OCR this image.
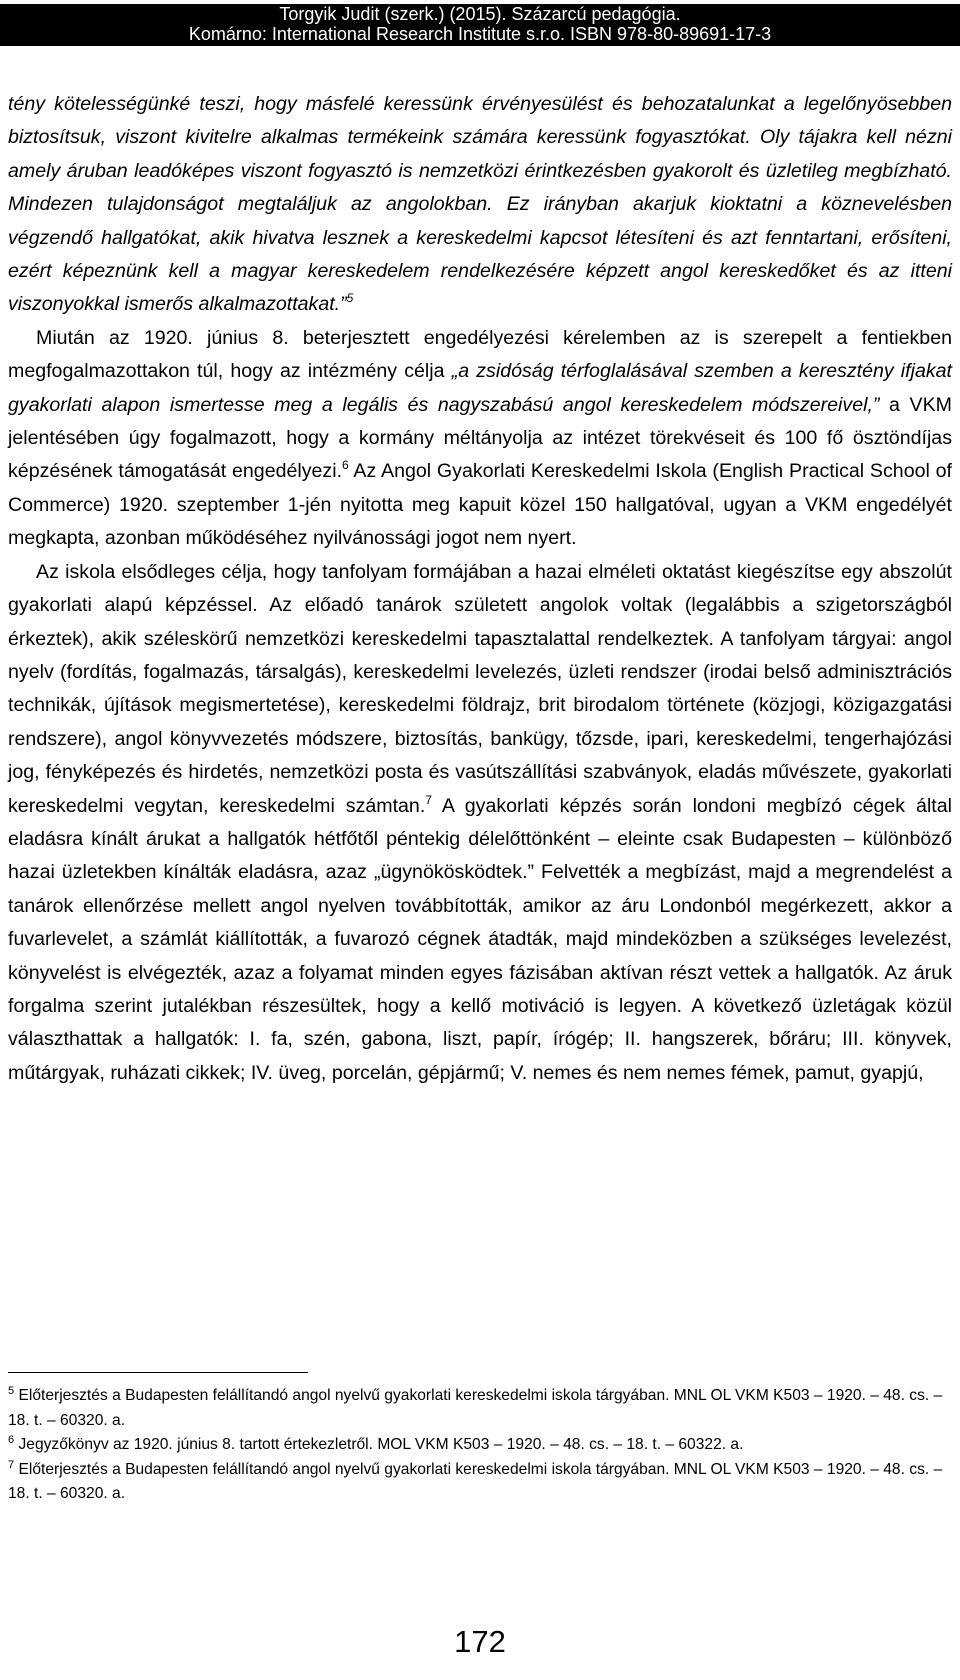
Torgyik Judit (szerk.) (2015). Százarcú pedagógia.
Komárno: International Research Institute s.r.o. ISBN 978-80-89691-17-3

tény kötelességünké teszi, hogy másfelé keressünk érvényesülést és behozatalunkat a legelőnyösebben biztosítsuk, viszont kivitelre alkalmas termékeink számára keressünk fogyasztókat. Oly tájakra kell nézni amely áruban leadóképes viszont fogyasztó is nemzetközi érintkezésben gyakorolt és üzletileg megbízható. Mindezen tulajdonságot megtaláljuk az angolokban. Ez irányban akarjuk kioktatni a köznevelésben végzendő hallgatókat, akik hivatva lesznek a kereskedelmi kapcsot létesíteni és azt fenntartani, erősíteni, ezért képeznünk kell a magyar kereskedelem rendelkezésére képzett angol kereskedőket és az itteni viszonyokkal ismerős alkalmazottakat.”$^5$

Miután az 1920. június 8. beterjesztett engedélyezési kérelemben az is szerepelt a fentiekben megfogalmazottakon túl, hogy az intézmény célja „a zsidóság térfoglalásával szemben a keresztény ifjakat gyakorlati alapon ismertesse meg a legális és nagyszabású angol kereskedelem módszereivel,” a VKM jelentésében úgy fogalmazott, hogy a kormány méltányolja az intézet törekvéseit és 100 fő ösztöndíjas képzésének támogatását engedélyezi.$^6$ Az Angol Gyakorlati Kereskedelmi Iskola (English Practical School of Commerce) 1920. szeptember 1-jén nyitotta meg kapuit közel 150 hallgatóval, ugyan a VKM engedélyét megkapta, azonban működéséhez nyilvánossági jogot nem nyert.

Az iskola elsődleges célja, hogy tanfolyam formájában a hazai elméleti oktatást kiegészítse egy abszolút gyakorlati alapú képzéssel. Az előadó tanárok született angolok voltak (legalábbis a szigetországból érkeztek), akik széleskörű nemzetközi kereskedelmi tapasztalattal rendelkeztek. A tanfolyam tárgyai: angol nyelv (fordítás, fogalmazás, társalgás), kereskedelmi levelezés, üzleti rendszer (irodai belső adminisztrációs technikák, újítások megismertetése), kereskedelmi földrajz, brit birodalom története (közjogi, közigazgatási rendszere), angol könyvvezetés módszere, biztosítás, bankügy, tőzsde, ipari, kereskedelmi, tengerhajózási jog, fényképezés és hirdetés, nemzetközi posta és vasútszállítási szabványok, eladás művészete, gyakorlati kereskedelmi vegytan, kereskedelmi számtan.$^7$ A gyakorlati képzés során londoni megbízó cégek által eladásra kínált árukat a hallgatók hétfőtől péntekig délelőttönként – eleinte csak Budapesten – különböző hazai üzletekben kínálták eladásra, azaz „ügynökösködtek.” Felvették a megbízást, majd a megrendelést a tanárok ellenőrzése mellett angol nyelven továbbították, amikor az áru Londonból megérkezett, akkor a fuvarlevelet, a számlát kiállították, a fuvarozó cégnek átadták, majd mindeközben a szükséges levelezést, könyvelést is elvégezték, azaz a folyamat minden egyes fázisában aktívan részt vettek a hallgatók. Az áruk forgalma szerint jutalékban részesültek, hogy a kellő motiváció is legyen. A következő üzletágak közül választhattak a hallgatók: I. fa, szén, gabona, liszt, papír, írógép; II. hangszerek, bőráru; III. könyvek, műtárgyak, ruházati cikkek; IV. üveg, porcelán, gépjármű; V. nemes és nem nemes fémek, pamut, gyapjú,

$^5$ Előterjesztés a Budapesten felállítandó angol nyelvű gyakorlati kereskedelmi iskola tárgyában. MNL OL VKM K503 – 1920. – 48. cs. – 18. t. – 60320. a.

$^6$ Jegyzőkönyv az 1920. június 8. tartott értekezletről. MOL VKM K503 – 1920. – 48. cs. – 18. t. – 60322. a.

$^7$ Előterjesztés a Budapesten felállítandó angol nyelvű gyakorlati kereskedelmi iskola tárgyában. MNL OL VKM K503 – 1920. – 48. cs. – 18. t. – 60320. a.

172
